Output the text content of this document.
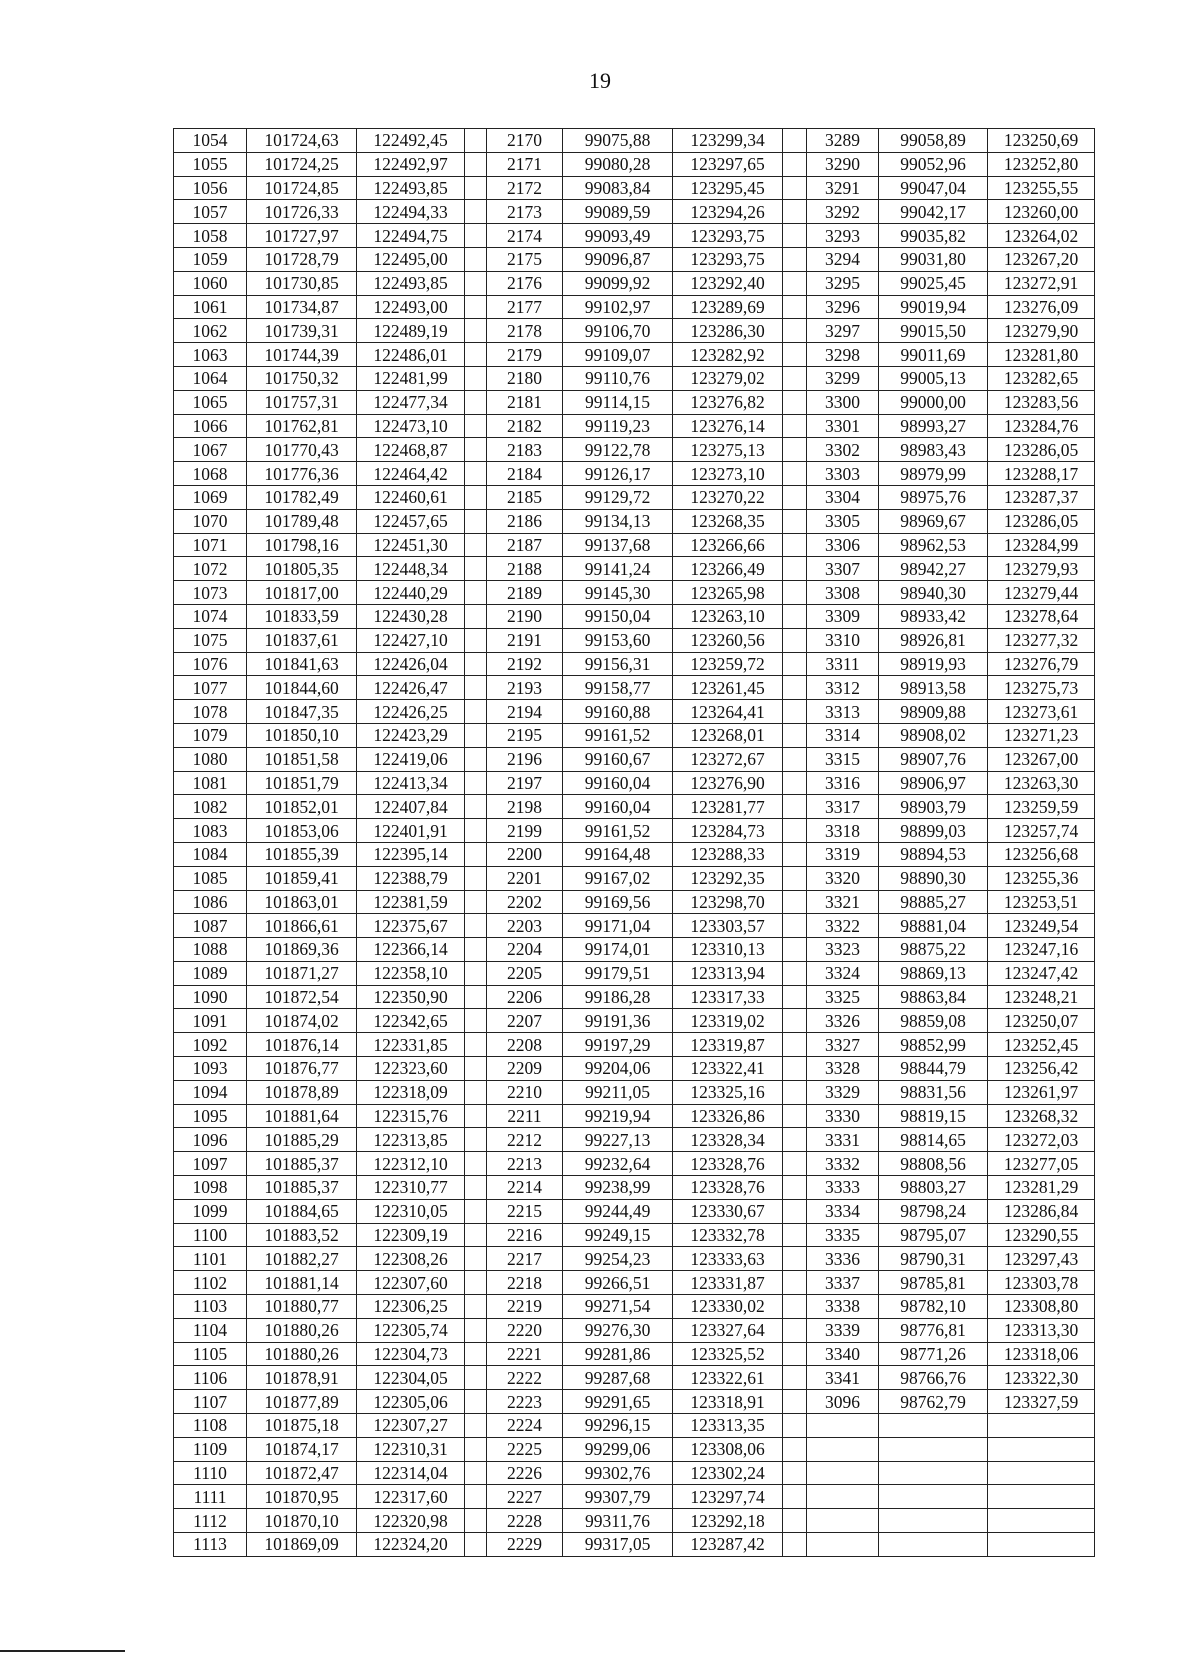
19
1054	101724,63	122492,45		2170	99075,88	123299,34		3289	99058,89	123250,69
1055	101724,25	122492,97		2171	99080,28	123297,65		3290	99052,96	123252,80
1056	101724,85	122493,85		2172	99083,84	123295,45		3291	99047,04	123255,55
1057	101726,33	122494,33		2173	99089,59	123294,26		3292	99042,17	123260,00
1058	101727,97	122494,75		2174	99093,49	123293,75		3293	99035,82	123264,02
1059	101728,79	122495,00		2175	99096,87	123293,75		3294	99031,80	123267,20
1060	101730,85	122493,85		2176	99099,92	123292,40		3295	99025,45	123272,91
1061	101734,87	122493,00		2177	99102,97	123289,69		3296	99019,94	123276,09
1062	101739,31	122489,19		2178	99106,70	123286,30		3297	99015,50	123279,90
1063	101744,39	122486,01		2179	99109,07	123282,92		3298	99011,69	123281,80
1064	101750,32	122481,99		2180	99110,76	123279,02		3299	99005,13	123282,65
1065	101757,31	122477,34		2181	99114,15	123276,82		3300	99000,00	123283,56
1066	101762,81	122473,10		2182	99119,23	123276,14		3301	98993,27	123284,76
1067	101770,43	122468,87		2183	99122,78	123275,13		3302	98983,43	123286,05
1068	101776,36	122464,42		2184	99126,17	123273,10		3303	98979,99	123288,17
1069	101782,49	122460,61		2185	99129,72	123270,22		3304	98975,76	123287,37
1070	101789,48	122457,65		2186	99134,13	123268,35		3305	98969,67	123286,05
1071	101798,16	122451,30		2187	99137,68	123266,66		3306	98962,53	123284,99
1072	101805,35	122448,34		2188	99141,24	123266,49		3307	98942,27	123279,93
1073	101817,00	122440,29		2189	99145,30	123265,98		3308	98940,30	123279,44
1074	101833,59	122430,28		2190	99150,04	123263,10		3309	98933,42	123278,64
1075	101837,61	122427,10		2191	99153,60	123260,56		3310	98926,81	123277,32
1076	101841,63	122426,04		2192	99156,31	123259,72		3311	98919,93	123276,79
1077	101844,60	122426,47		2193	99158,77	123261,45		3312	98913,58	123275,73
1078	101847,35	122426,25		2194	99160,88	123264,41		3313	98909,88	123273,61
1079	101850,10	122423,29		2195	99161,52	123268,01		3314	98908,02	123271,23
1080	101851,58	122419,06		2196	99160,67	123272,67		3315	98907,76	123267,00
1081	101851,79	122413,34		2197	99160,04	123276,90		3316	98906,97	123263,30
1082	101852,01	122407,84		2198	99160,04	123281,77		3317	98903,79	123259,59
1083	101853,06	122401,91		2199	99161,52	123284,73		3318	98899,03	123257,74
1084	101855,39	122395,14		2200	99164,48	123288,33		3319	98894,53	123256,68
1085	101859,41	122388,79		2201	99167,02	123292,35		3320	98890,30	123255,36
1086	101863,01	122381,59		2202	99169,56	123298,70		3321	98885,27	123253,51
1087	101866,61	122375,67		2203	99171,04	123303,57		3322	98881,04	123249,54
1088	101869,36	122366,14		2204	99174,01	123310,13		3323	98875,22	123247,16
1089	101871,27	122358,10		2205	99179,51	123313,94		3324	98869,13	123247,42
1090	101872,54	122350,90		2206	99186,28	123317,33		3325	98863,84	123248,21
1091	101874,02	122342,65		2207	99191,36	123319,02		3326	98859,08	123250,07
1092	101876,14	122331,85		2208	99197,29	123319,87		3327	98852,99	123252,45
1093	101876,77	122323,60		2209	99204,06	123322,41		3328	98844,79	123256,42
1094	101878,89	122318,09		2210	99211,05	123325,16		3329	98831,56	123261,97
1095	101881,64	122315,76		2211	99219,94	123326,86		3330	98819,15	123268,32
1096	101885,29	122313,85		2212	99227,13	123328,34		3331	98814,65	123272,03
1097	101885,37	122312,10		2213	99232,64	123328,76		3332	98808,56	123277,05
1098	101885,37	122310,77		2214	99238,99	123328,76		3333	98803,27	123281,29
1099	101884,65	122310,05		2215	99244,49	123330,67		3334	98798,24	123286,84
1100	101883,52	122309,19		2216	99249,15	123332,78		3335	98795,07	123290,55
1101	101882,27	122308,26		2217	99254,23	123333,63		3336	98790,31	123297,43
1102	101881,14	122307,60		2218	99266,51	123331,87		3337	98785,81	123303,78
1103	101880,77	122306,25		2219	99271,54	123330,02		3338	98782,10	123308,80
1104	101880,26	122305,74		2220	99276,30	123327,64		3339	98776,81	123313,30
1105	101880,26	122304,73		2221	99281,86	123325,52		3340	98771,26	123318,06
1106	101878,91	122304,05		2222	99287,68	123322,61		3341	98766,76	123322,30
1107	101877,89	122305,06		2223	99291,65	123318,91		3096	98762,79	123327,59
1108	101875,18	122307,27		2224	99296,15	123313,35				
1109	101874,17	122310,31		2225	99299,06	123308,06				
1110	101872,47	122314,04		2226	99302,76	123302,24				
1111	101870,95	122317,60		2227	99307,79	123297,74				
1112	101870,10	122320,98		2228	99311,76	123292,18				
1113	101869,09	122324,20		2229	99317,05	123287,42				
